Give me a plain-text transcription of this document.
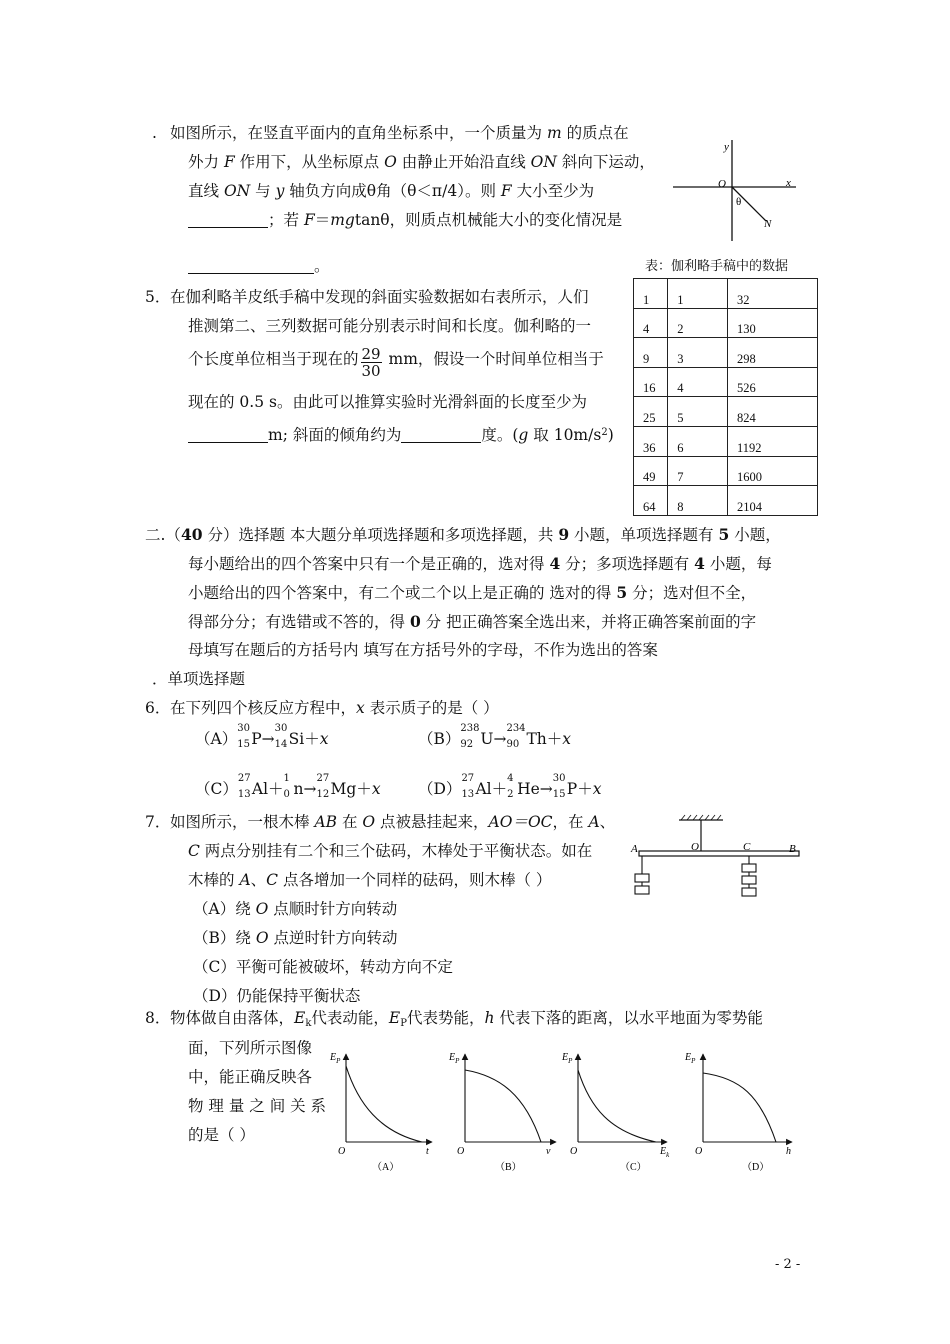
. 如图所示，在竖直平面内的直角坐标系中，一个质量为 m 的质点在
外力 F 作用下，从坐标原点 O 由静止开始沿直线 ON 斜向下运动，
直线 ON 与 y 轴负方向成θ角（θ＜π/4）。则 F 大小至少为
；若 F＝mgtanθ，则质点机械能大小的变化情况是
。
y
x
O
θ
N
5． 在伽利略羊皮纸手稿中发现的斜面实验数据如右表所示，人们
推测第二、三列数据可能分别表示时间和长度。伽利略的一
个长度单位相当于现在的 $\frac{29}{30}$ mm，假设一个时间单位相当于
现在的 0.5 s。由此可以推算实验时光滑斜面的长度至少为
m; 斜面的倾角约为	度。(g 取 $10m/s^2$)
表：伽利略手稿中的数据
1	1	32
4	2	130
9	3	298
16	4	526
25	5	824
36	6	1192
49	7	1600
64	8	2104
二.（40 分）选择题 本大题分单项选择题和多项选择题，共 9 小题，单项选择题有 5 小题，
每小题给出的四个答案中只有一个是正确的，选对得 4 分；多项选择题有 4 小题，每
小题给出的四个答案中，有二个或二个以上是正确的 选对的得 5 分；选对但不全，
得部分分；有选错或不答的，得 0 分 把正确答案全选出来，并将正确答案前面的字
母填写在题后的方括号内 填写在方括号外的字母，不作为选出的答案
．单项选择题
6． 在下列四个核反应方程中，x 表示质子的是（ ）
（A）
30
15 P→
30
14 Si＋x	（B）
238
92 U→
234
90 Th＋x
（C）
27
13 Al＋
1
0 n→
27
12 Mg＋x （D）
27
13 Al＋
4
2 He→
30
15 P＋x
7． 如图所示，一根木棒 AB 在 O 点被悬挂起来，AO＝OC，在 A、
C 两点分别挂有二个和三个砝码，木棒处于平衡状态。如在
木棒的 A、C 点各增加一个同样的砝码，则木棒（ ）
（A）绕 O 点顺时针方向转动
（B）绕 O 点逆时针方向转动
（C）平衡可能被破坏，转动方向不定
（D）仍能保持平衡状态
A	O	C	B
8． 物体做自由落体，$E_k$代表动能，$E_P$代表势能，h 代表下落的距离，以水平地面为零势能
面，下列所示图像
中，能正确反映各
物 理 量 之 间 关 系
的是（ ）
$E_P$
O	t
（A）
$E_P$
O	v
（B）
$E_P$
O	$E_k$
（C）
$E_P$
O	h
（D）
- 2 -
